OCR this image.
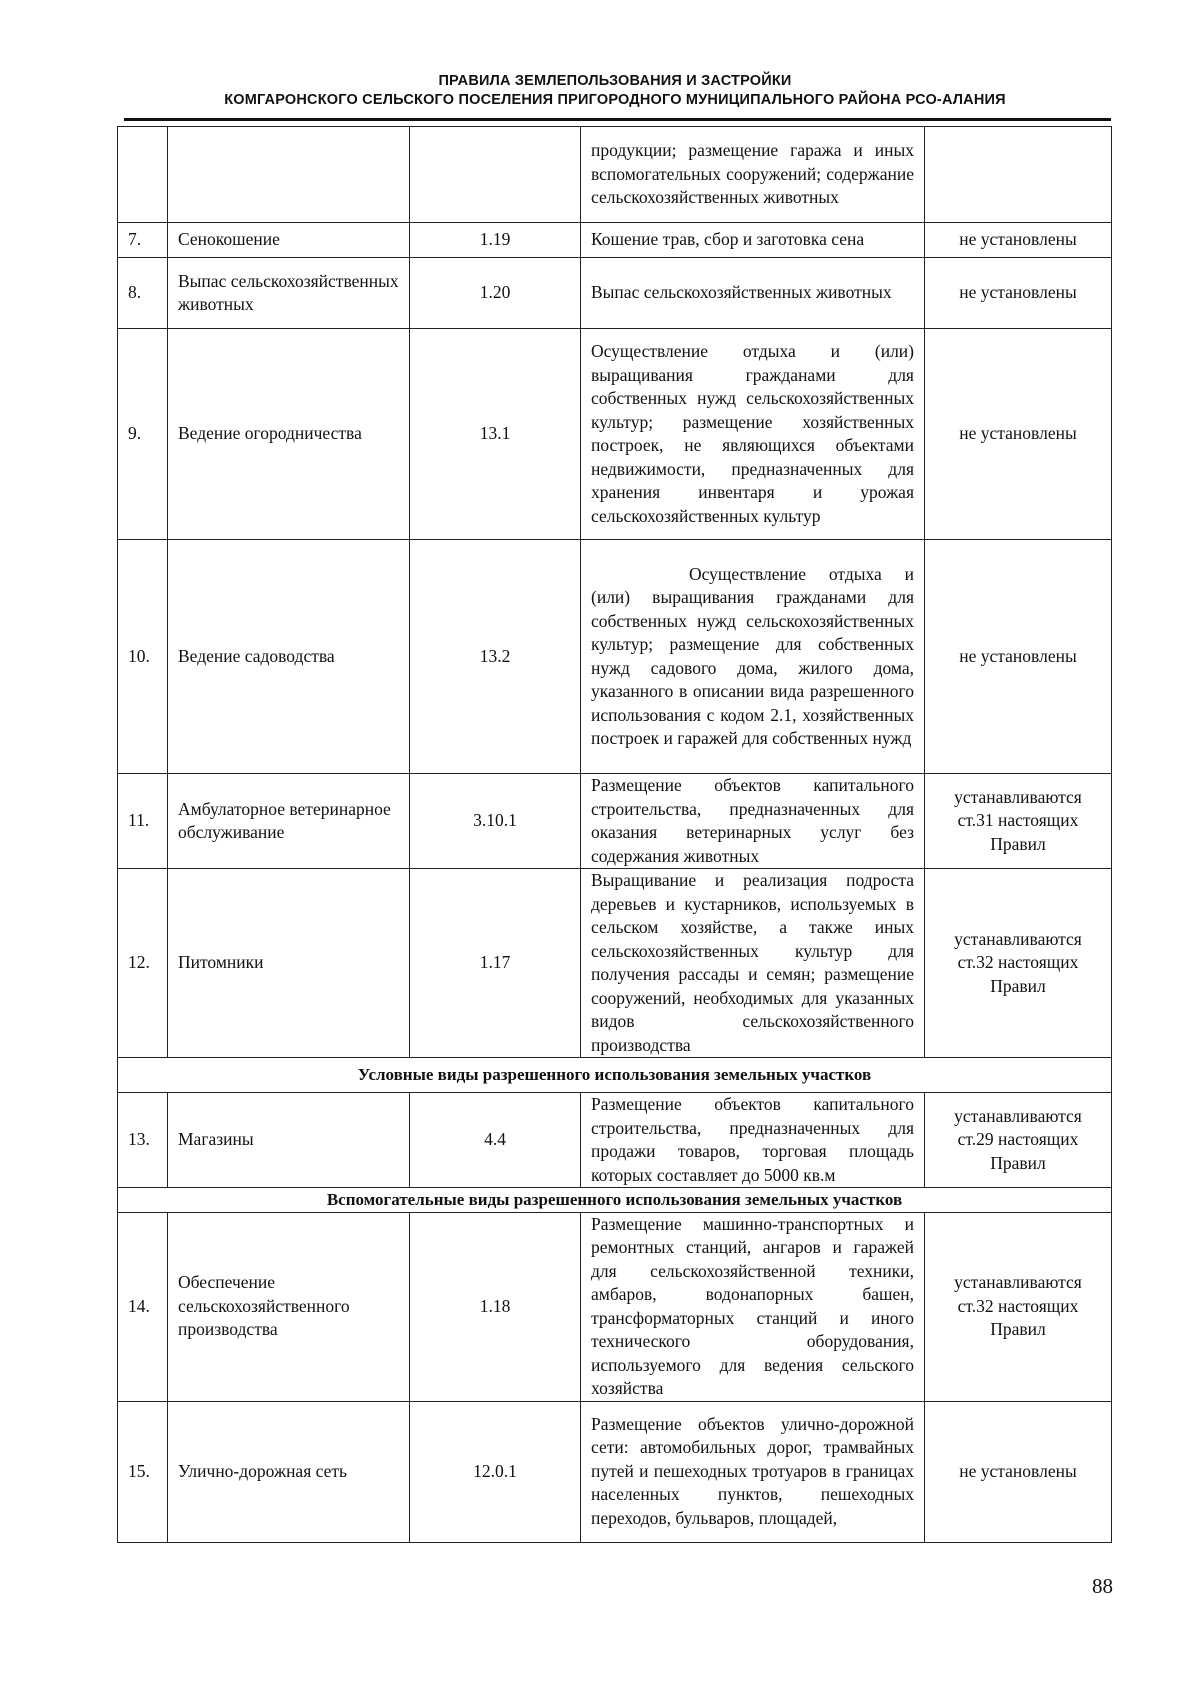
ПРАВИЛА ЗЕМЛЕПОЛЬЗОВАНИЯ И ЗАСТРОЙКИ
КОМГАРОНСКОГО СЕЛЬСКОГО ПОСЕЛЕНИЯ ПРИГОРОДНОГО МУНИЦИПАЛЬНОГО РАЙОНА РСО-АЛАНИЯ
			продукции; размещение гаража и иных вспомогательных сооружений; содержание сельскохозяйственных животных	
7.	Сенокошение	1.19	Кошение трав, сбор и заготовка сена	не установлены
8.	Выпас сельскохозяйственных животных	1.20	Выпас сельскохозяйственных животных	не установлены
9.	Ведение огородничества	13.1	Осуществление отдыха и (или) выращивания гражданами для собственных нужд сельскохозяйственных культур; размещение хозяйственных построек, не являющихся объектами недвижимости, предназначенных для хранения инвентаря и урожая сельскохозяйственных культур	не установлены
10.	Ведение садоводства	13.2	Осуществление отдыха и (или) выращивания гражданами для собственных нужд сельскохозяйственных культур; размещение для собственных нужд садового дома, жилого дома, указанного в описании вида разрешенного использования с кодом 2.1, хозяйственных построек и гаражей для собственных нужд	не установлены
11.	Амбулаторное ветеринарное обслуживание	3.10.1	Размещение объектов капитального строительства, предназначенных для оказания ветеринарных услуг без содержания животных	устанавливаются ст.31 настоящих Правил
12.	Питомники	1.17	Выращивание и реализация подроста деревьев и кустарников, используемых в сельском хозяйстве, а также иных сельскохозяйственных культур для получения рассады и семян; размещение сооружений, необходимых для указанных видов сельскохозяйственного производства	устанавливаются ст.32 настоящих Правил
Условные виды разрешенного использования земельных участков				
13.	Магазины	4.4	Размещение объектов капитального строительства, предназначенных для продажи товаров, торговая площадь которых составляет до 5000 кв.м	устанавливаются ст.29 настоящих Правил
Вспомогательные виды разрешенного использования земельных участков				
14.	Обеспечение сельскохозяйственного производства	1.18	Размещение машинно-транспортных и ремонтных станций, ангаров и гаражей для сельскохозяйственной техники, амбаров, водонапорных башен, трансформаторных станций и иного технического оборудования, используемого для ведения сельского хозяйства	устанавливаются ст.32 настоящих Правил
15.	Улично-дорожная сеть	12.0.1	Размещение объектов улично-дорожной сети: автомобильных дорог, трамвайных путей и пешеходных тротуаров в границах населенных пунктов, пешеходных переходов, бульваров, площадей,	не установлены
88
